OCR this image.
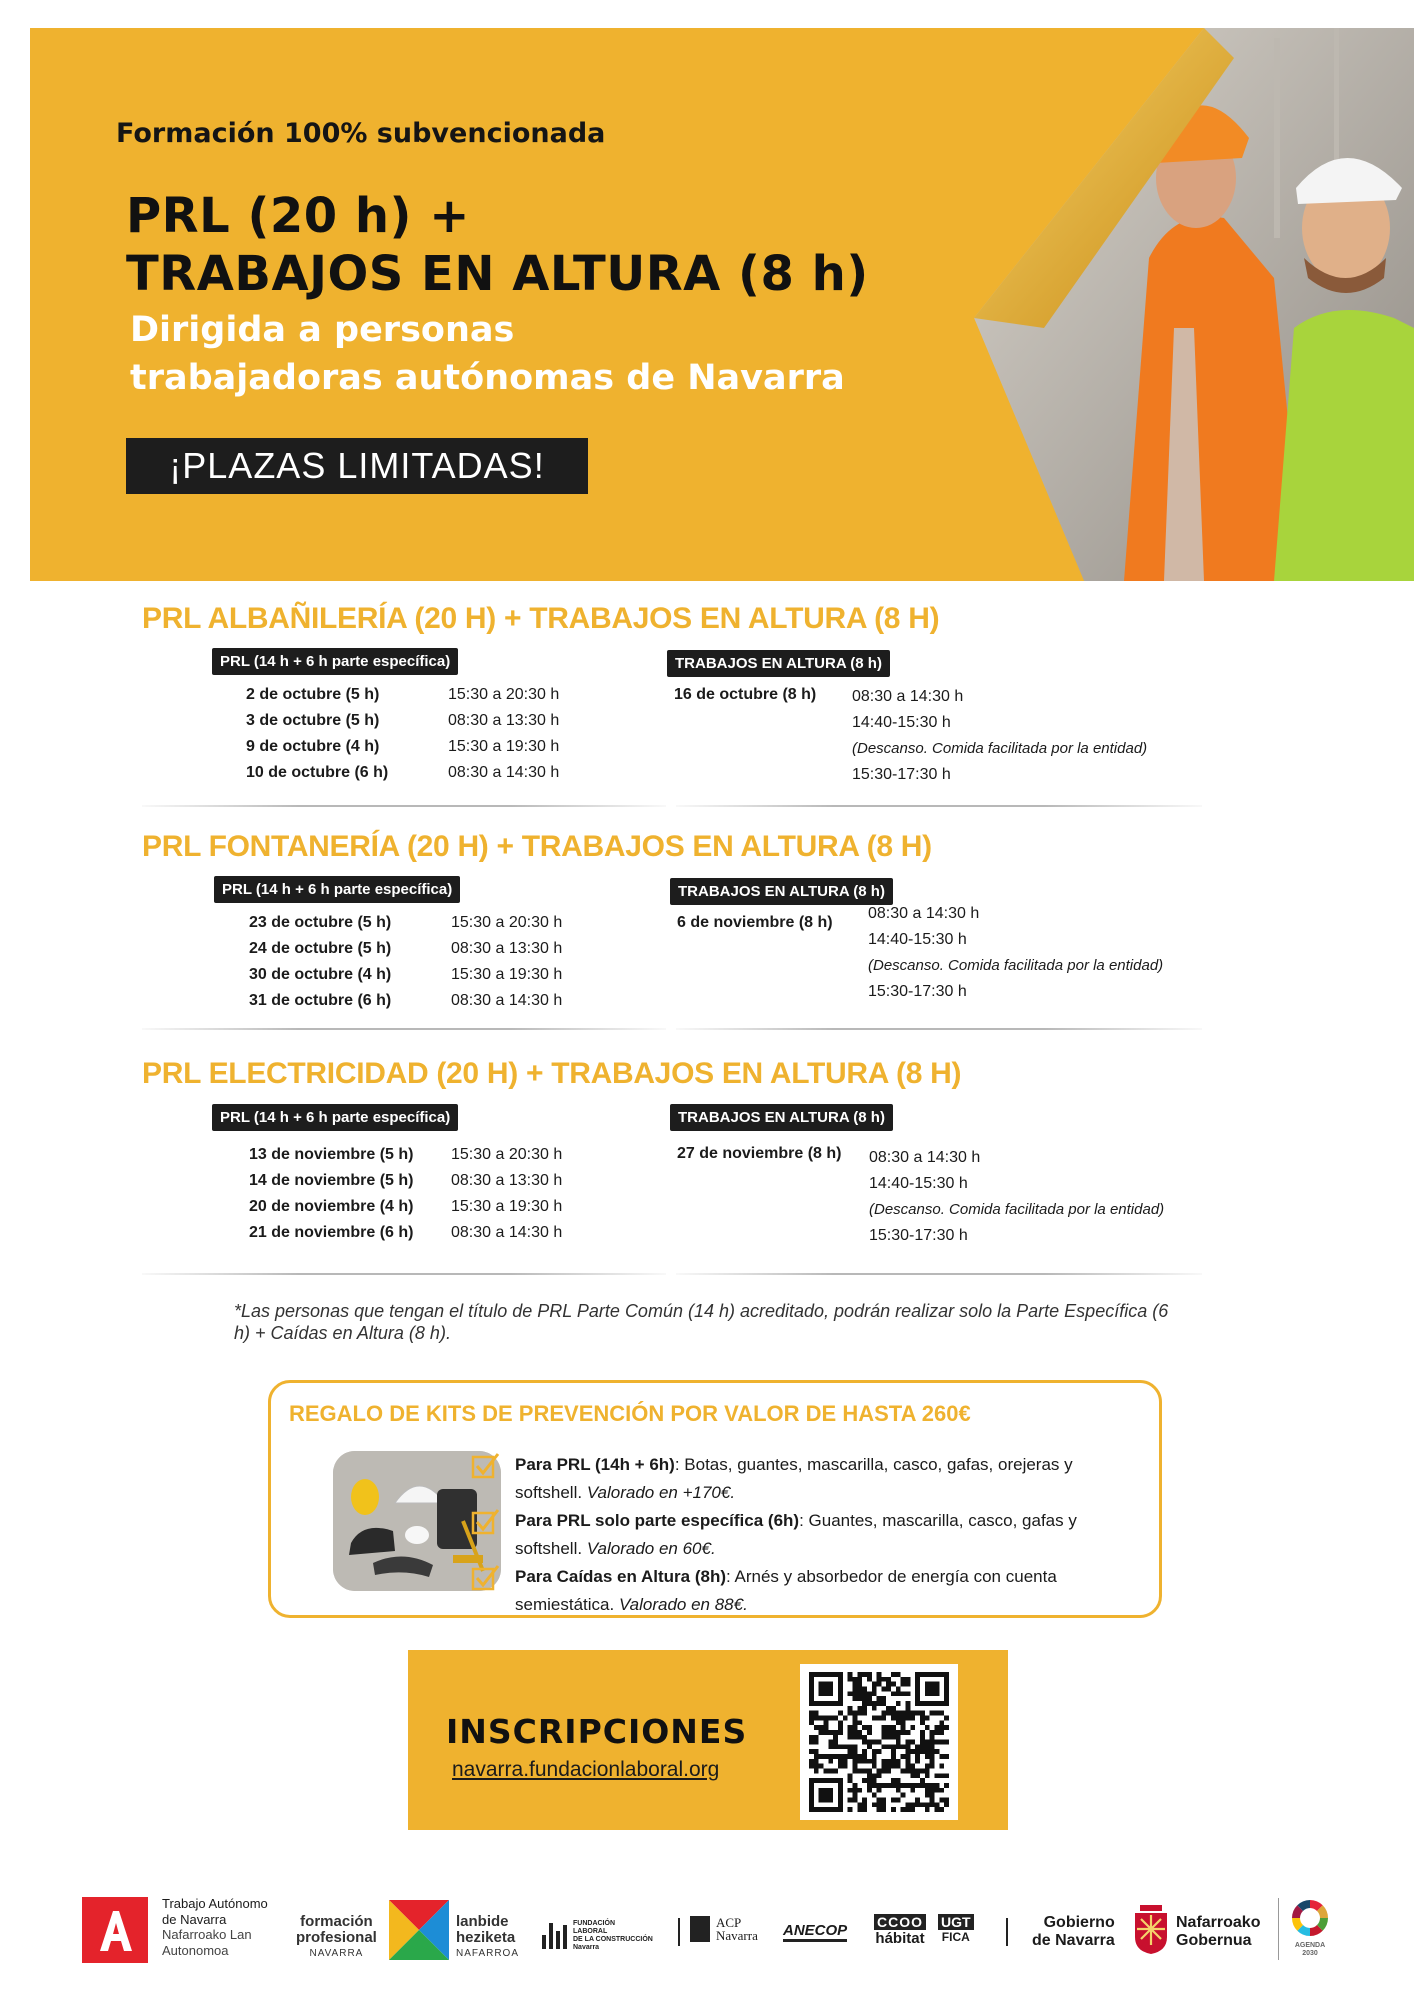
Formación 100% subvencionada
PRL (20 h) +
TRABAJOS EN ALTURA (8 h)
Dirigida a personas
trabajadoras autónomas de Navarra
¡PLAZAS LIMITADAS!
PRL ALBAÑILERÍA (20 H) + TRABAJOS EN ALTURA (8 H)
PRL (14 h + 6 h parte específica)
2 de octubre (5 h)	15:30 a 20:30 h
3 de octubre (5 h)	08:30 a 13:30 h
9 de octubre (4 h)	15:30 a 19:30 h
10 de octubre (6 h)	08:30 a 14:30 h
TRABAJOS EN ALTURA (8 h)
16 de octubre (8 h) 08:30 a 14:30 h
14:40-15:30 h
(Descanso. Comida facilitada por la entidad)
15:30-17:30 h
PRL FONTANERÍA (20 H) + TRABAJOS EN ALTURA (8 H)
PRL (14 h + 6 h parte específica)
23 de octubre (5 h)	15:30 a 20:30 h
24 de octubre (5 h)	08:30 a 13:30 h
30 de octubre (4 h)	15:30 a 19:30 h
31 de octubre (6 h)	08:30 a 14:30 h
TRABAJOS EN ALTURA (8 h)
6 de noviembre (8 h)
08:30 a 14:30 h
14:40-15:30 h
(Descanso. Comida facilitada por la entidad)
15:30-17:30 h
PRL ELECTRICIDAD (20 H) + TRABAJOS EN ALTURA (8 H)
PRL (14 h + 6 h parte específica)
13 de noviembre (5 h)	15:30 a 20:30 h
14 de noviembre (5 h)	08:30 a 13:30 h
20 de noviembre (4 h)	15:30 a 19:30 h
21 de noviembre (6 h)	08:30 a 14:30 h
TRABAJOS EN ALTURA (8 h)
27 de noviembre (8 h) 08:30 a 14:30 h
14:40-15:30 h
(Descanso. Comida facilitada por la entidad)
15:30-17:30 h
*Las personas que tengan el título de PRL Parte Común (14 h) acreditado, podrán realizar solo la Parte Específica (6 h) + Caídas en Altura (8 h).
REGALO DE KITS DE PREVENCIÓN POR VALOR DE HASTA 260€
Para PRL (14h + 6h): Botas, guantes, mascarilla, casco, gafas, orejeras y softshell. Valorado en +170€.
Para PRL solo parte específica (6h): Guantes, mascarilla, casco, gafas y softshell. Valorado en 60€.
Para Caídas en Altura (8h): Arnés y absorbedor de energía con cuenta semiestática. Valorado en 88€.
INSCRIPCIONES
navarra.fundacionlaboral.org
Trabajo Autónomo
de Navarra
Nafarroako Lan
Autonomoa
formación
profesional
NAVARRA
lanbide
heziketa
NAFARROA
FUNDACIÓN
LABORAL
DE LA CONSTRUCCIÓN
Navarra
ACP
Navarra ANECOP CCOO
hábitat
UGT
FICA
Gobierno
de Navarra
Nafarroako
Gobernua	AGENDA
2030
